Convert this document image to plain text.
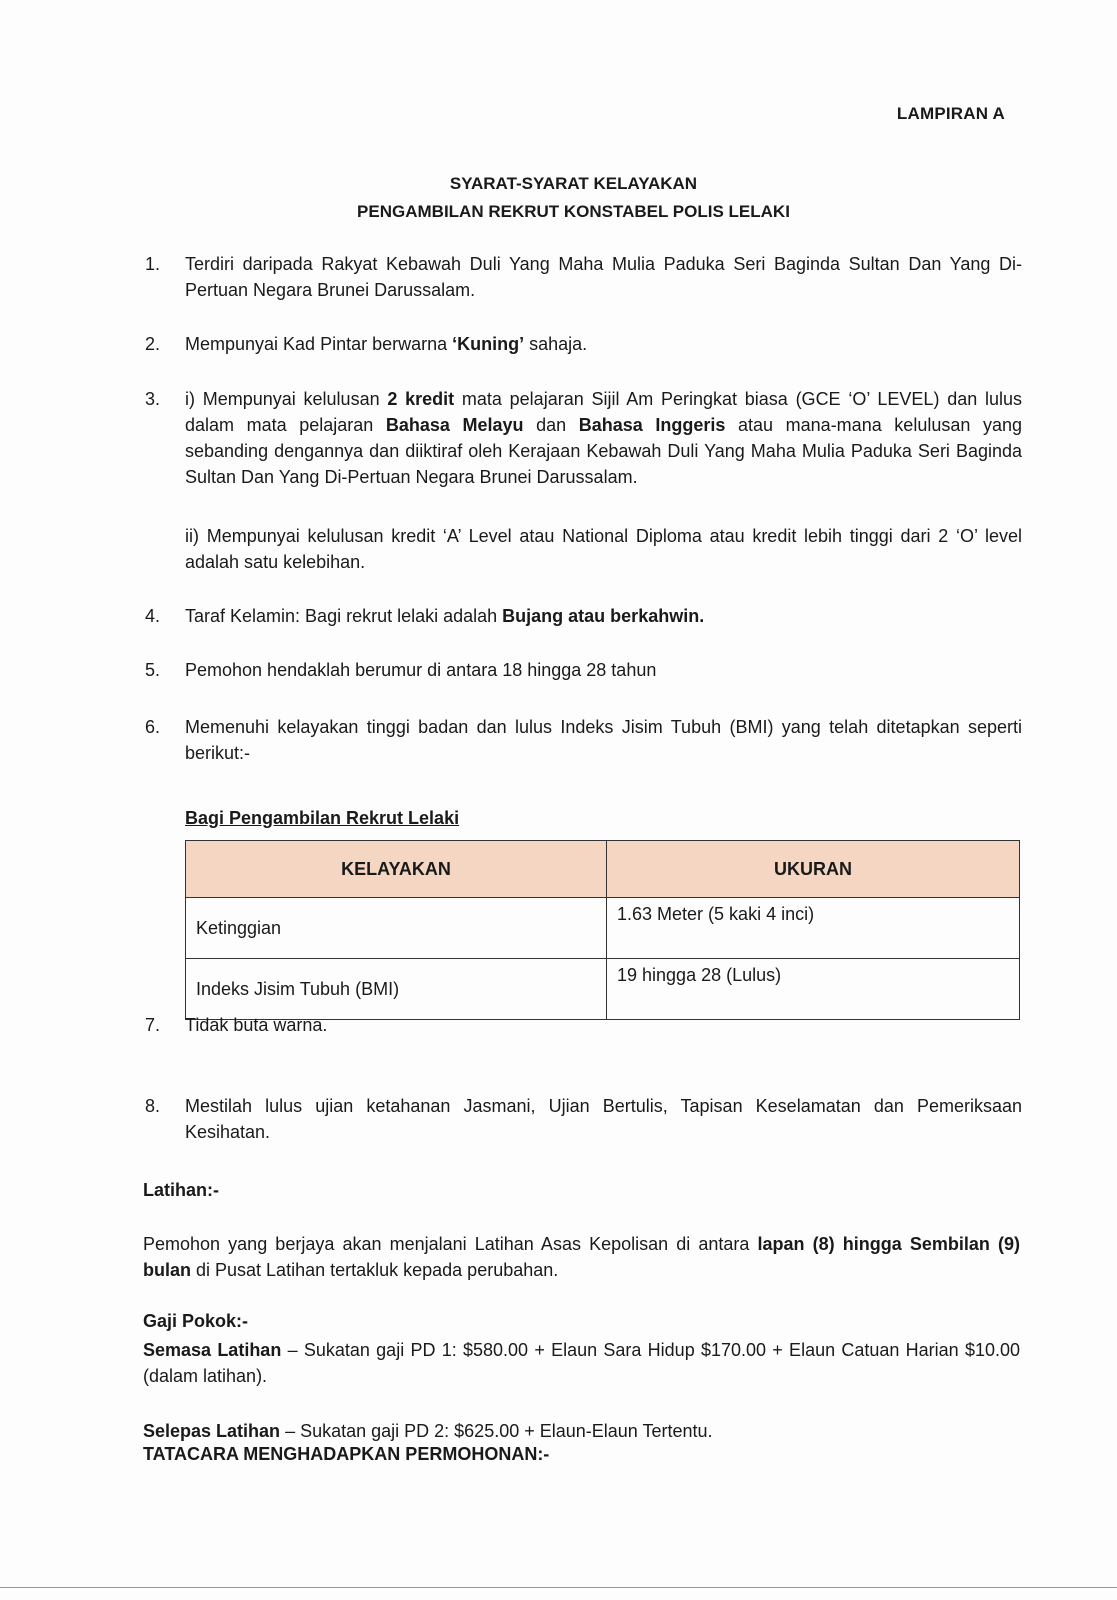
LAMPIRAN A
SYARAT-SYARAT KELAYAKAN
PENGAMBILAN REKRUT KONSTABEL POLIS LELAKI
1. Terdiri daripada Rakyat Kebawah Duli Yang Maha Mulia Paduka Seri Baginda Sultan Dan Yang Di-Pertuan Negara Brunei Darussalam.
2. Mempunyai Kad Pintar berwarna ‘Kuning’ sahaja.
3. i) Mempunyai kelulusan 2 kredit mata pelajaran Sijil Am Peringkat biasa (GCE ‘O’ LEVEL) dan lulus dalam mata pelajaran Bahasa Melayu dan Bahasa Inggeris atau mana-mana kelulusan yang sebanding dengannya dan diiktiraf oleh Kerajaan Kebawah Duli Yang Maha Mulia Paduka Seri Baginda Sultan Dan Yang Di-Pertuan Negara Brunei Darussalam.
ii) Mempunyai kelulusan kredit ‘A’ Level atau National Diploma atau kredit lebih tinggi dari 2 ‘O’ level adalah satu kelebihan.
4. Taraf Kelamin: Bagi rekrut lelaki adalah Bujang atau berkahwin.
5. Pemohon hendaklah berumur di antara 18 hingga 28 tahun
6. Memenuhi kelayakan tinggi badan dan lulus Indeks Jisim Tubuh (BMI) yang telah ditetapkan seperti berikut:-
Bagi Pengambilan Rekrut Lelaki
KELAYAKAN	UKURAN
Ketinggian	1.63 Meter (5 kaki 4 inci)
Indeks Jisim Tubuh (BMI)	19 hingga 28 (Lulus)
7. Tidak buta warna.
8. Mestilah lulus ujian ketahanan Jasmani, Ujian Bertulis, Tapisan Keselamatan dan Pemeriksaan Kesihatan.
Latihan:-
Pemohon yang berjaya akan menjalani Latihan Asas Kepolisan di antara lapan (8) hingga Sembilan (9) bulan di Pusat Latihan tertakluk kepada perubahan.
Gaji Pokok:-
Semasa Latihan – Sukatan gaji PD 1: $580.00 + Elaun Sara Hidup $170.00 + Elaun Catuan Harian $10.00 (dalam latihan).
Selepas Latihan – Sukatan gaji PD 2: $625.00 + Elaun-Elaun Tertentu.
TATACARA MENGHADAPKAN PERMOHONAN:-
